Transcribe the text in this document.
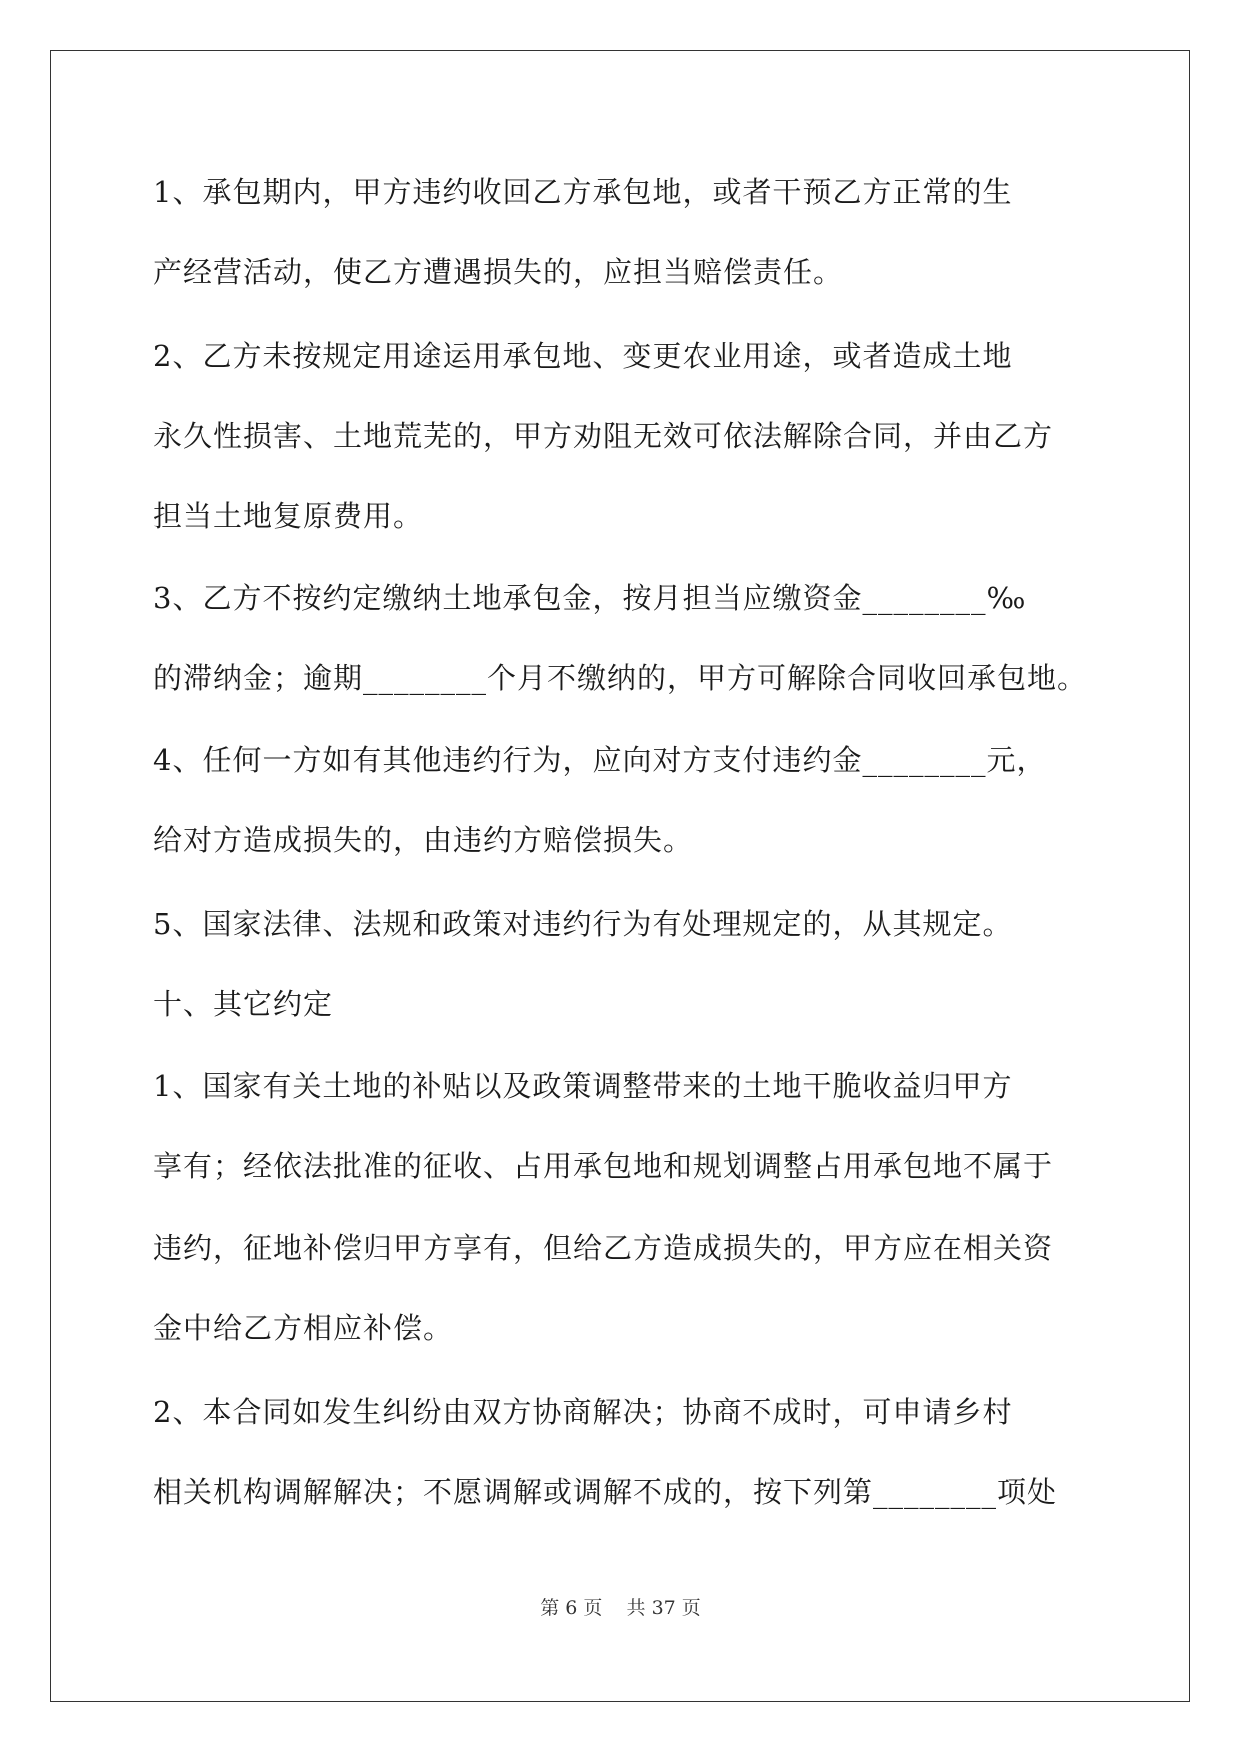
1、承包期内，甲方违约收回乙方承包地，或者干预乙方正常的生

产经营活动，使乙方遭遇损失的，应担当赔偿责任。

2、乙方未按规定用途运用承包地、变更农业用途，或者造成土地

永久性损害、土地荒芜的，甲方劝阻无效可依法解除合同，并由乙方

担当土地复原费用。

3、乙方不按约定缴纳土地承包金，按月担当应缴资金________‰

的滞纳金；逾期________个月不缴纳的，甲方可解除合同收回承包地。

4、任何一方如有其他违约行为，应向对方支付违约金________元，

给对方造成损失的，由违约方赔偿损失。

5、国家法律、法规和政策对违约行为有处理规定的，从其规定。

十、其它约定

1、国家有关土地的补贴以及政策调整带来的土地干脆收益归甲方

享有；经依法批准的征收、占用承包地和规划调整占用承包地不属于

违约，征地补偿归甲方享有，但给乙方造成损失的，甲方应在相关资

金中给乙方相应补偿。

2、本合同如发生纠纷由双方协商解决；协商不成时，可申请乡村

相关机构调解解决；不愿调解或调解不成的，按下列第________项处

第 6 页 共 37 页
